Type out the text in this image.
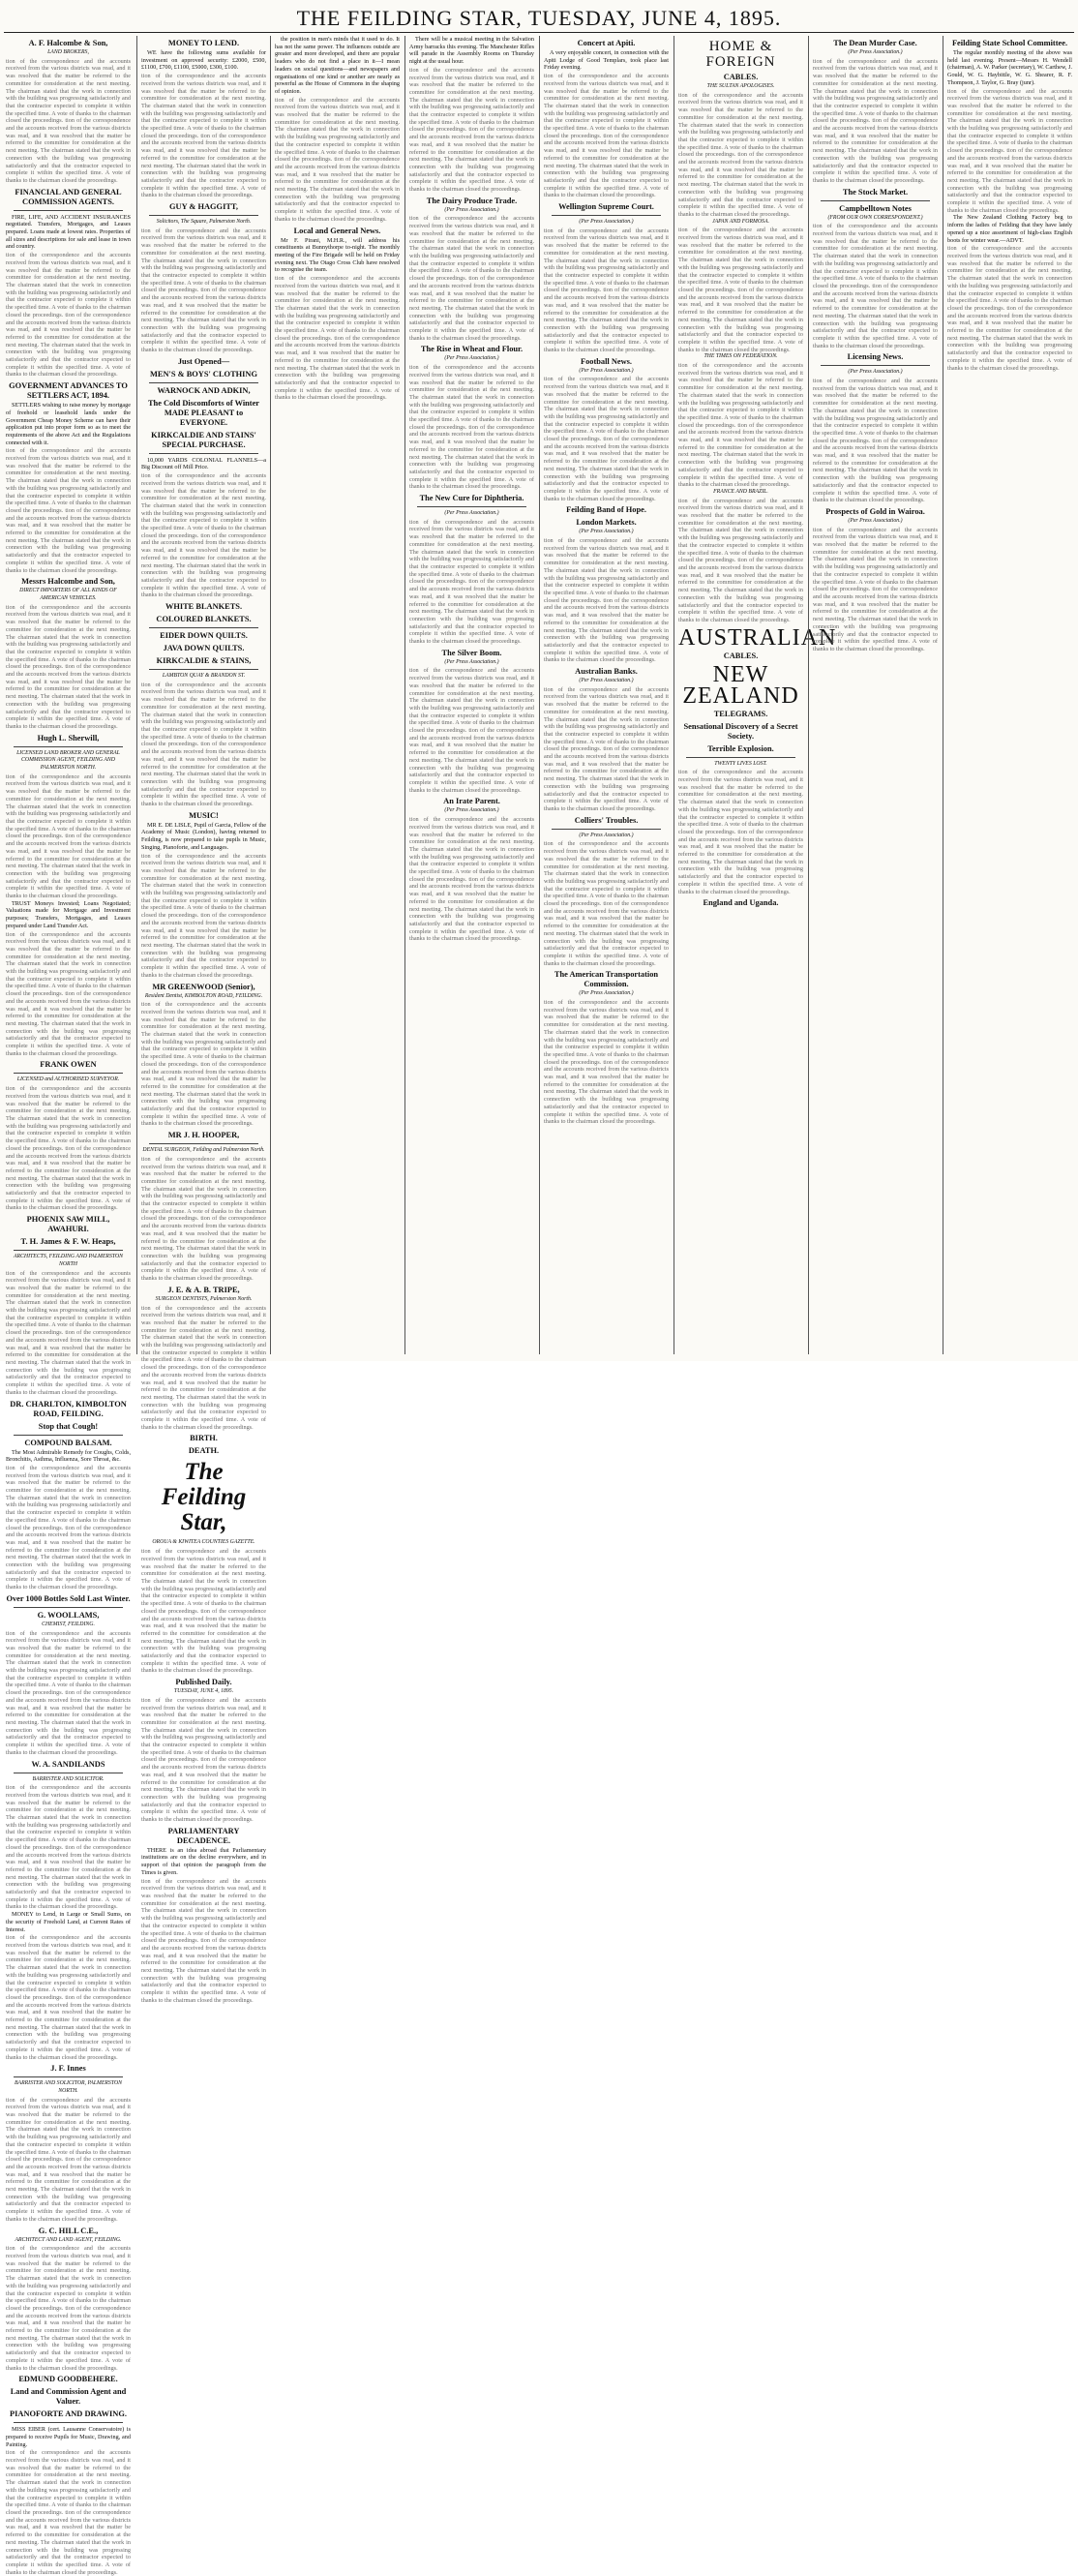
THE FEILDING STAR, TUESDAY, JUNE 4, 1895.
A. F. Halcombe & Son,
LAND BROKERS,
tion of the correspondence and the accounts received from the various districts was read, and it was resolved that the matter be referred to the committee for consideration at the next meeting. The chairman stated that the work in connection with the building was progressing satisfactorily and that the contractor expected to complete it within the specified time. A vote of thanks to the chairman closed the proceedings. tion of the correspondence and the accounts received from the various districts was read, and it was resolved that the matter be referred to the committee for consideration at the next meeting. The chairman stated that the work in connection with the building was progressing satisfactorily and that the contractor expected to complete it within the specified time. A vote of thanks to the chairman closed the proceedings.
FINANCIAL AND GENERAL COMMISSION AGENTS.
FIRE, LIFE, AND ACCIDENT INSURANCES negotiated. Transfers, Mortgages, and Leases prepared. Loans made at lowest rates. Properties of all sizes and descriptions for sale and lease in town and country.
tion of the correspondence and the accounts received from the various districts was read, and it was resolved that the matter be referred to the committee for consideration at the next meeting. The chairman stated that the work in connection with the building was progressing satisfactorily and that the contractor expected to complete it within the specified time. A vote of thanks to the chairman closed the proceedings. tion of the correspondence and the accounts received from the various districts was read, and it was resolved that the matter be referred to the committee for consideration at the next meeting. The chairman stated that the work in connection with the building was progressing satisfactorily and that the contractor expected to complete it within the specified time. A vote of thanks to the chairman closed the proceedings.
GOVERNMENT ADVANCES TO SETTLERS ACT, 1894.
SETTLERS wishing to raise money by mortgage of freehold or leasehold lands under the Government Cheap Money Scheme can have their application put into proper form so as to meet the requirements of the above Act and the Regulations connected with it.
tion of the correspondence and the accounts received from the various districts was read, and it was resolved that the matter be referred to the committee for consideration at the next meeting. The chairman stated that the work in connection with the building was progressing satisfactorily and that the contractor expected to complete it within the specified time. A vote of thanks to the chairman closed the proceedings. tion of the correspondence and the accounts received from the various districts was read, and it was resolved that the matter be referred to the committee for consideration at the next meeting. The chairman stated that the work in connection with the building was progressing satisfactorily and that the contractor expected to complete it within the specified time. A vote of thanks to the chairman closed the proceedings.
Messrs Halcombe and Son,
DIRECT IMPORTERS OF ALL KINDS OF AMERICAN VEHICLES.
tion of the correspondence and the accounts received from the various districts was read, and it was resolved that the matter be referred to the committee for consideration at the next meeting. The chairman stated that the work in connection with the building was progressing satisfactorily and that the contractor expected to complete it within the specified time. A vote of thanks to the chairman closed the proceedings. tion of the correspondence and the accounts received from the various districts was read, and it was resolved that the matter be referred to the committee for consideration at the next meeting. The chairman stated that the work in connection with the building was progressing satisfactorily and that the contractor expected to complete it within the specified time. A vote of thanks to the chairman closed the proceedings.
Hugh L. Sherwill,
LICENSED LAND BROKER AND GENERAL COMMISSION AGENT, FEILDING AND PALMERSTON NORTH.
tion of the correspondence and the accounts received from the various districts was read, and it was resolved that the matter be referred to the committee for consideration at the next meeting. The chairman stated that the work in connection with the building was progressing satisfactorily and that the contractor expected to complete it within the specified time. A vote of thanks to the chairman closed the proceedings. tion of the correspondence and the accounts received from the various districts was read, and it was resolved that the matter be referred to the committee for consideration at the next meeting. The chairman stated that the work in connection with the building was progressing satisfactorily and that the contractor expected to complete it within the specified time. A vote of thanks to the chairman closed the proceedings.
TRUST Moneys Invested; Loans Negotiated; Valuations made for Mortgage and Investment purposes; Transfers, Mortgages, and Leases prepared under Land Transfer Act.
tion of the correspondence and the accounts received from the various districts was read, and it was resolved that the matter be referred to the committee for consideration at the next meeting. The chairman stated that the work in connection with the building was progressing satisfactorily and that the contractor expected to complete it within the specified time. A vote of thanks to the chairman closed the proceedings. tion of the correspondence and the accounts received from the various districts was read, and it was resolved that the matter be referred to the committee for consideration at the next meeting. The chairman stated that the work in connection with the building was progressing satisfactorily and that the contractor expected to complete it within the specified time. A vote of thanks to the chairman closed the proceedings.
FRANK OWEN
LICENSED and AUTHORISED SURVEYOR.
tion of the correspondence and the accounts received from the various districts was read, and it was resolved that the matter be referred to the committee for consideration at the next meeting. The chairman stated that the work in connection with the building was progressing satisfactorily and that the contractor expected to complete it within the specified time. A vote of thanks to the chairman closed the proceedings. tion of the correspondence and the accounts received from the various districts was read, and it was resolved that the matter be referred to the committee for consideration at the next meeting. The chairman stated that the work in connection with the building was progressing satisfactorily and that the contractor expected to complete it within the specified time. A vote of thanks to the chairman closed the proceedings.
PHOENIX SAW MILL, AWAHURI.
T. H. James & F. W. Heaps,
ARCHITECTS, FEILDING AND PALMERSTON NORTH
tion of the correspondence and the accounts received from the various districts was read, and it was resolved that the matter be referred to the committee for consideration at the next meeting. The chairman stated that the work in connection with the building was progressing satisfactorily and that the contractor expected to complete it within the specified time. A vote of thanks to the chairman closed the proceedings. tion of the correspondence and the accounts received from the various districts was read, and it was resolved that the matter be referred to the committee for consideration at the next meeting. The chairman stated that the work in connection with the building was progressing satisfactorily and that the contractor expected to complete it within the specified time. A vote of thanks to the chairman closed the proceedings.
DR. CHARLTON, KIMBOLTON ROAD, FEILDING.
Stop that Cough!
COMPOUND BALSAM.
The Most Admirable Remedy for Coughs, Colds, Bronchitis, Asthma, Influenza, Sore Throat, &c.
tion of the correspondence and the accounts received from the various districts was read, and it was resolved that the matter be referred to the committee for consideration at the next meeting. The chairman stated that the work in connection with the building was progressing satisfactorily and that the contractor expected to complete it within the specified time. A vote of thanks to the chairman closed the proceedings. tion of the correspondence and the accounts received from the various districts was read, and it was resolved that the matter be referred to the committee for consideration at the next meeting. The chairman stated that the work in connection with the building was progressing satisfactorily and that the contractor expected to complete it within the specified time. A vote of thanks to the chairman closed the proceedings.
Over 1000 Bottles Sold Last Winter.
G. WOOLLAMS,
CHEMIST, FEILDING.
tion of the correspondence and the accounts received from the various districts was read, and it was resolved that the matter be referred to the committee for consideration at the next meeting. The chairman stated that the work in connection with the building was progressing satisfactorily and that the contractor expected to complete it within the specified time. A vote of thanks to the chairman closed the proceedings. tion of the correspondence and the accounts received from the various districts was read, and it was resolved that the matter be referred to the committee for consideration at the next meeting. The chairman stated that the work in connection with the building was progressing satisfactorily and that the contractor expected to complete it within the specified time. A vote of thanks to the chairman closed the proceedings.
W. A. SANDILANDS
BARRISTER AND SOLICITOR.
tion of the correspondence and the accounts received from the various districts was read, and it was resolved that the matter be referred to the committee for consideration at the next meeting. The chairman stated that the work in connection with the building was progressing satisfactorily and that the contractor expected to complete it within the specified time. A vote of thanks to the chairman closed the proceedings. tion of the correspondence and the accounts received from the various districts was read, and it was resolved that the matter be referred to the committee for consideration at the next meeting. The chairman stated that the work in connection with the building was progressing satisfactorily and that the contractor expected to complete it within the specified time. A vote of thanks to the chairman closed the proceedings.
MONEY to Lend, in Large or Small Sums, on the security of Freehold Land, at Current Rates of Interest.
tion of the correspondence and the accounts received from the various districts was read, and it was resolved that the matter be referred to the committee for consideration at the next meeting. The chairman stated that the work in connection with the building was progressing satisfactorily and that the contractor expected to complete it within the specified time. A vote of thanks to the chairman closed the proceedings. tion of the correspondence and the accounts received from the various districts was read, and it was resolved that the matter be referred to the committee for consideration at the next meeting. The chairman stated that the work in connection with the building was progressing satisfactorily and that the contractor expected to complete it within the specified time. A vote of thanks to the chairman closed the proceedings.
J. F. Innes
BARRISTER AND SOLICITOR, PALMERSTON NORTH.
tion of the correspondence and the accounts received from the various districts was read, and it was resolved that the matter be referred to the committee for consideration at the next meeting. The chairman stated that the work in connection with the building was progressing satisfactorily and that the contractor expected to complete it within the specified time. A vote of thanks to the chairman closed the proceedings. tion of the correspondence and the accounts received from the various districts was read, and it was resolved that the matter be referred to the committee for consideration at the next meeting. The chairman stated that the work in connection with the building was progressing satisfactorily and that the contractor expected to complete it within the specified time. A vote of thanks to the chairman closed the proceedings.
G. C. HILL C.E.,
ARCHITECT AND LAND AGENT, FEILDING.
tion of the correspondence and the accounts received from the various districts was read, and it was resolved that the matter be referred to the committee for consideration at the next meeting. The chairman stated that the work in connection with the building was progressing satisfactorily and that the contractor expected to complete it within the specified time. A vote of thanks to the chairman closed the proceedings. tion of the correspondence and the accounts received from the various districts was read, and it was resolved that the matter be referred to the committee for consideration at the next meeting. The chairman stated that the work in connection with the building was progressing satisfactorily and that the contractor expected to complete it within the specified time. A vote of thanks to the chairman closed the proceedings.
EDMUND GOODBEHERE.
Land and Commission Agent and Valuer.
PIANOFORTE AND DRAWING.
MISS EIBER (cert. Lausanne Conservatoire) is prepared to receive Pupils for Music, Drawing, and Painting.
tion of the correspondence and the accounts received from the various districts was read, and it was resolved that the matter be referred to the committee for consideration at the next meeting. The chairman stated that the work in connection with the building was progressing satisfactorily and that the contractor expected to complete it within the specified time. A vote of thanks to the chairman closed the proceedings. tion of the correspondence and the accounts received from the various districts was read, and it was resolved that the matter be referred to the committee for consideration at the next meeting. The chairman stated that the work in connection with the building was progressing satisfactorily and that the contractor expected to complete it within the specified time. A vote of thanks to the chairman closed the proceedings.
MONEY TO LEND.
WE have the following sums available for investment on approved security: £2000, £500, £1100, £700, £1100, £5000, £300, £100.
tion of the correspondence and the accounts received from the various districts was read, and it was resolved that the matter be referred to the committee for consideration at the next meeting. The chairman stated that the work in connection with the building was progressing satisfactorily and that the contractor expected to complete it within the specified time. A vote of thanks to the chairman closed the proceedings. tion of the correspondence and the accounts received from the various districts was read, and it was resolved that the matter be referred to the committee for consideration at the next meeting. The chairman stated that the work in connection with the building was progressing satisfactorily and that the contractor expected to complete it within the specified time. A vote of thanks to the chairman closed the proceedings.
GUY & HAGGITT,
Solicitors, The Square, Palmerston North.
tion of the correspondence and the accounts received from the various districts was read, and it was resolved that the matter be referred to the committee for consideration at the next meeting. The chairman stated that the work in connection with the building was progressing satisfactorily and that the contractor expected to complete it within the specified time. A vote of thanks to the chairman closed the proceedings. tion of the correspondence and the accounts received from the various districts was read, and it was resolved that the matter be referred to the committee for consideration at the next meeting. The chairman stated that the work in connection with the building was progressing satisfactorily and that the contractor expected to complete it within the specified time. A vote of thanks to the chairman closed the proceedings.
Just Opened—
MEN'S & BOYS' CLOTHING
WARNOCK AND ADKIN,
The Cold Discomforts of Winter MADE PLEASANT to EVERYONE.
KIRKCALDIE AND STAINS' SPECIAL PURCHASE.
10,000 YARDS COLONIAL FLANNELS—a Big Discount off Mill Price.
tion of the correspondence and the accounts received from the various districts was read, and it was resolved that the matter be referred to the committee for consideration at the next meeting. The chairman stated that the work in connection with the building was progressing satisfactorily and that the contractor expected to complete it within the specified time. A vote of thanks to the chairman closed the proceedings. tion of the correspondence and the accounts received from the various districts was read, and it was resolved that the matter be referred to the committee for consideration at the next meeting. The chairman stated that the work in connection with the building was progressing satisfactorily and that the contractor expected to complete it within the specified time. A vote of thanks to the chairman closed the proceedings.
WHITE BLANKETS.
COLOURED BLANKETS.
EIDER DOWN QUILTS.
JAVA DOWN QUILTS.
KIRKCALDIE & STAINS,
LAMBTON QUAY & BRANDON ST.
tion of the correspondence and the accounts received from the various districts was read, and it was resolved that the matter be referred to the committee for consideration at the next meeting. The chairman stated that the work in connection with the building was progressing satisfactorily and that the contractor expected to complete it within the specified time. A vote of thanks to the chairman closed the proceedings. tion of the correspondence and the accounts received from the various districts was read, and it was resolved that the matter be referred to the committee for consideration at the next meeting. The chairman stated that the work in connection with the building was progressing satisfactorily and that the contractor expected to complete it within the specified time. A vote of thanks to the chairman closed the proceedings.
MUSIC!
MR E. DE LISLE, Pupil of Garcia, Fellow of the Academy of Music (London), having returned to Feilding, is now prepared to take pupils in Music, Singing, Pianoforte, and Languages.
tion of the correspondence and the accounts received from the various districts was read, and it was resolved that the matter be referred to the committee for consideration at the next meeting. The chairman stated that the work in connection with the building was progressing satisfactorily and that the contractor expected to complete it within the specified time. A vote of thanks to the chairman closed the proceedings. tion of the correspondence and the accounts received from the various districts was read, and it was resolved that the matter be referred to the committee for consideration at the next meeting. The chairman stated that the work in connection with the building was progressing satisfactorily and that the contractor expected to complete it within the specified time. A vote of thanks to the chairman closed the proceedings.
MR GREENWOOD (Senior),
Resident Dentist, KIMBOLTON ROAD, FEILDING.
tion of the correspondence and the accounts received from the various districts was read, and it was resolved that the matter be referred to the committee for consideration at the next meeting. The chairman stated that the work in connection with the building was progressing satisfactorily and that the contractor expected to complete it within the specified time. A vote of thanks to the chairman closed the proceedings. tion of the correspondence and the accounts received from the various districts was read, and it was resolved that the matter be referred to the committee for consideration at the next meeting. The chairman stated that the work in connection with the building was progressing satisfactorily and that the contractor expected to complete it within the specified time. A vote of thanks to the chairman closed the proceedings.
MR J. H. HOOPER,
DENTAL SURGEON, Feilding and Palmerston North.
tion of the correspondence and the accounts received from the various districts was read, and it was resolved that the matter be referred to the committee for consideration at the next meeting. The chairman stated that the work in connection with the building was progressing satisfactorily and that the contractor expected to complete it within the specified time. A vote of thanks to the chairman closed the proceedings. tion of the correspondence and the accounts received from the various districts was read, and it was resolved that the matter be referred to the committee for consideration at the next meeting. The chairman stated that the work in connection with the building was progressing satisfactorily and that the contractor expected to complete it within the specified time. A vote of thanks to the chairman closed the proceedings.
J. E. & A. B. TRIPE,
SURGEON DENTISTS, Palmerston North.
tion of the correspondence and the accounts received from the various districts was read, and it was resolved that the matter be referred to the committee for consideration at the next meeting. The chairman stated that the work in connection with the building was progressing satisfactorily and that the contractor expected to complete it within the specified time. A vote of thanks to the chairman closed the proceedings. tion of the correspondence and the accounts received from the various districts was read, and it was resolved that the matter be referred to the committee for consideration at the next meeting. The chairman stated that the work in connection with the building was progressing satisfactorily and that the contractor expected to complete it within the specified time. A vote of thanks to the chairman closed the proceedings.
BIRTH.
DEATH.
The Feilding Star,
OROUA & KIWITEA COUNTIES GAZETTE.
tion of the correspondence and the accounts received from the various districts was read, and it was resolved that the matter be referred to the committee for consideration at the next meeting. The chairman stated that the work in connection with the building was progressing satisfactorily and that the contractor expected to complete it within the specified time. A vote of thanks to the chairman closed the proceedings. tion of the correspondence and the accounts received from the various districts was read, and it was resolved that the matter be referred to the committee for consideration at the next meeting. The chairman stated that the work in connection with the building was progressing satisfactorily and that the contractor expected to complete it within the specified time. A vote of thanks to the chairman closed the proceedings.
Published Daily.
TUESDAY, JUNE 4, 1895.
tion of the correspondence and the accounts received from the various districts was read, and it was resolved that the matter be referred to the committee for consideration at the next meeting. The chairman stated that the work in connection with the building was progressing satisfactorily and that the contractor expected to complete it within the specified time. A vote of thanks to the chairman closed the proceedings. tion of the correspondence and the accounts received from the various districts was read, and it was resolved that the matter be referred to the committee for consideration at the next meeting. The chairman stated that the work in connection with the building was progressing satisfactorily and that the contractor expected to complete it within the specified time. A vote of thanks to the chairman closed the proceedings.
PARLIAMENTARY DECADENCE.
THERE is an idea abroad that Parliamentary institutions are on the decline everywhere, and in support of that opinion the paragraph from the Times is given.
tion of the correspondence and the accounts received from the various districts was read, and it was resolved that the matter be referred to the committee for consideration at the next meeting. The chairman stated that the work in connection with the building was progressing satisfactorily and that the contractor expected to complete it within the specified time. A vote of thanks to the chairman closed the proceedings. tion of the correspondence and the accounts received from the various districts was read, and it was resolved that the matter be referred to the committee for consideration at the next meeting. The chairman stated that the work in connection with the building was progressing satisfactorily and that the contractor expected to complete it within the specified time. A vote of thanks to the chairman closed the proceedings.
the position in men's minds that it used to do. It has not the same power. The influences outside are greater and more developed, and there are popular leaders who do not find a place in it—I mean leaders on social questions—and newspapers and organisations of one kind or another are nearly as powerful as the House of Commons in the shaping of opinion.
tion of the correspondence and the accounts received from the various districts was read, and it was resolved that the matter be referred to the committee for consideration at the next meeting. The chairman stated that the work in connection with the building was progressing satisfactorily and that the contractor expected to complete it within the specified time. A vote of thanks to the chairman closed the proceedings. tion of the correspondence and the accounts received from the various districts was read, and it was resolved that the matter be referred to the committee for consideration at the next meeting. The chairman stated that the work in connection with the building was progressing satisfactorily and that the contractor expected to complete it within the specified time. A vote of thanks to the chairman closed the proceedings.
Local and General News.
Mr F. Pirani, M.H.R., will address his constituents at Bunnythorpe to-night. The monthly meeting of the Fire Brigade will be held on Friday evening next. The Otago Cross Club have resolved to recognise the team.
tion of the correspondence and the accounts received from the various districts was read, and it was resolved that the matter be referred to the committee for consideration at the next meeting. The chairman stated that the work in connection with the building was progressing satisfactorily and that the contractor expected to complete it within the specified time. A vote of thanks to the chairman closed the proceedings. tion of the correspondence and the accounts received from the various districts was read, and it was resolved that the matter be referred to the committee for consideration at the next meeting. The chairman stated that the work in connection with the building was progressing satisfactorily and that the contractor expected to complete it within the specified time. A vote of thanks to the chairman closed the proceedings.
There will be a musical meeting in the Salvation Army barracks this evening. The Manchester Rifles will parade in the Assembly Rooms on Thursday night at the usual hour.
tion of the correspondence and the accounts received from the various districts was read, and it was resolved that the matter be referred to the committee for consideration at the next meeting. The chairman stated that the work in connection with the building was progressing satisfactorily and that the contractor expected to complete it within the specified time. A vote of thanks to the chairman closed the proceedings. tion of the correspondence and the accounts received from the various districts was read, and it was resolved that the matter be referred to the committee for consideration at the next meeting. The chairman stated that the work in connection with the building was progressing satisfactorily and that the contractor expected to complete it within the specified time. A vote of thanks to the chairman closed the proceedings.
The Dairy Produce Trade.
(Per Press Association.)
tion of the correspondence and the accounts received from the various districts was read, and it was resolved that the matter be referred to the committee for consideration at the next meeting. The chairman stated that the work in connection with the building was progressing satisfactorily and that the contractor expected to complete it within the specified time. A vote of thanks to the chairman closed the proceedings. tion of the correspondence and the accounts received from the various districts was read, and it was resolved that the matter be referred to the committee for consideration at the next meeting. The chairman stated that the work in connection with the building was progressing satisfactorily and that the contractor expected to complete it within the specified time. A vote of thanks to the chairman closed the proceedings.
The Rise in Wheat and Flour.
(Per Press Association.)
tion of the correspondence and the accounts received from the various districts was read, and it was resolved that the matter be referred to the committee for consideration at the next meeting. The chairman stated that the work in connection with the building was progressing satisfactorily and that the contractor expected to complete it within the specified time. A vote of thanks to the chairman closed the proceedings. tion of the correspondence and the accounts received from the various districts was read, and it was resolved that the matter be referred to the committee for consideration at the next meeting. The chairman stated that the work in connection with the building was progressing satisfactorily and that the contractor expected to complete it within the specified time. A vote of thanks to the chairman closed the proceedings.
The New Cure for Diphtheria.
(Per Press Association.)
tion of the correspondence and the accounts received from the various districts was read, and it was resolved that the matter be referred to the committee for consideration at the next meeting. The chairman stated that the work in connection with the building was progressing satisfactorily and that the contractor expected to complete it within the specified time. A vote of thanks to the chairman closed the proceedings. tion of the correspondence and the accounts received from the various districts was read, and it was resolved that the matter be referred to the committee for consideration at the next meeting. The chairman stated that the work in connection with the building was progressing satisfactorily and that the contractor expected to complete it within the specified time. A vote of thanks to the chairman closed the proceedings.
The Silver Boom.
(Per Press Association.)
tion of the correspondence and the accounts received from the various districts was read, and it was resolved that the matter be referred to the committee for consideration at the next meeting. The chairman stated that the work in connection with the building was progressing satisfactorily and that the contractor expected to complete it within the specified time. A vote of thanks to the chairman closed the proceedings. tion of the correspondence and the accounts received from the various districts was read, and it was resolved that the matter be referred to the committee for consideration at the next meeting. The chairman stated that the work in connection with the building was progressing satisfactorily and that the contractor expected to complete it within the specified time. A vote of thanks to the chairman closed the proceedings.
An Irate Parent.
(Per Press Association.)
tion of the correspondence and the accounts received from the various districts was read, and it was resolved that the matter be referred to the committee for consideration at the next meeting. The chairman stated that the work in connection with the building was progressing satisfactorily and that the contractor expected to complete it within the specified time. A vote of thanks to the chairman closed the proceedings. tion of the correspondence and the accounts received from the various districts was read, and it was resolved that the matter be referred to the committee for consideration at the next meeting. The chairman stated that the work in connection with the building was progressing satisfactorily and that the contractor expected to complete it within the specified time. A vote of thanks to the chairman closed the proceedings.
Concert at Apiti.
A very enjoyable concert, in connection with the Apiti Lodge of Good Templars, took place last Friday evening.
tion of the correspondence and the accounts received from the various districts was read, and it was resolved that the matter be referred to the committee for consideration at the next meeting. The chairman stated that the work in connection with the building was progressing satisfactorily and that the contractor expected to complete it within the specified time. A vote of thanks to the chairman closed the proceedings. tion of the correspondence and the accounts received from the various districts was read, and it was resolved that the matter be referred to the committee for consideration at the next meeting. The chairman stated that the work in connection with the building was progressing satisfactorily and that the contractor expected to complete it within the specified time. A vote of thanks to the chairman closed the proceedings.
Wellington Supreme Court.
(Per Press Association.)
tion of the correspondence and the accounts received from the various districts was read, and it was resolved that the matter be referred to the committee for consideration at the next meeting. The chairman stated that the work in connection with the building was progressing satisfactorily and that the contractor expected to complete it within the specified time. A vote of thanks to the chairman closed the proceedings. tion of the correspondence and the accounts received from the various districts was read, and it was resolved that the matter be referred to the committee for consideration at the next meeting. The chairman stated that the work in connection with the building was progressing satisfactorily and that the contractor expected to complete it within the specified time. A vote of thanks to the chairman closed the proceedings.
Football News.
(Per Press Association.)
tion of the correspondence and the accounts received from the various districts was read, and it was resolved that the matter be referred to the committee for consideration at the next meeting. The chairman stated that the work in connection with the building was progressing satisfactorily and that the contractor expected to complete it within the specified time. A vote of thanks to the chairman closed the proceedings. tion of the correspondence and the accounts received from the various districts was read, and it was resolved that the matter be referred to the committee for consideration at the next meeting. The chairman stated that the work in connection with the building was progressing satisfactorily and that the contractor expected to complete it within the specified time. A vote of thanks to the chairman closed the proceedings.
Feilding Band of Hope.
London Markets.
(Per Press Association.)
tion of the correspondence and the accounts received from the various districts was read, and it was resolved that the matter be referred to the committee for consideration at the next meeting. The chairman stated that the work in connection with the building was progressing satisfactorily and that the contractor expected to complete it within the specified time. A vote of thanks to the chairman closed the proceedings. tion of the correspondence and the accounts received from the various districts was read, and it was resolved that the matter be referred to the committee for consideration at the next meeting. The chairman stated that the work in connection with the building was progressing satisfactorily and that the contractor expected to complete it within the specified time. A vote of thanks to the chairman closed the proceedings.
Australian Banks.
(Per Press Association.)
tion of the correspondence and the accounts received from the various districts was read, and it was resolved that the matter be referred to the committee for consideration at the next meeting. The chairman stated that the work in connection with the building was progressing satisfactorily and that the contractor expected to complete it within the specified time. A vote of thanks to the chairman closed the proceedings. tion of the correspondence and the accounts received from the various districts was read, and it was resolved that the matter be referred to the committee for consideration at the next meeting. The chairman stated that the work in connection with the building was progressing satisfactorily and that the contractor expected to complete it within the specified time. A vote of thanks to the chairman closed the proceedings.
Colliers' Troubles.
(Per Press Association.)
tion of the correspondence and the accounts received from the various districts was read, and it was resolved that the matter be referred to the committee for consideration at the next meeting. The chairman stated that the work in connection with the building was progressing satisfactorily and that the contractor expected to complete it within the specified time. A vote of thanks to the chairman closed the proceedings. tion of the correspondence and the accounts received from the various districts was read, and it was resolved that the matter be referred to the committee for consideration at the next meeting. The chairman stated that the work in connection with the building was progressing satisfactorily and that the contractor expected to complete it within the specified time. A vote of thanks to the chairman closed the proceedings.
The American Transportation Commission.
(Per Press Association.)
tion of the correspondence and the accounts received from the various districts was read, and it was resolved that the matter be referred to the committee for consideration at the next meeting. The chairman stated that the work in connection with the building was progressing satisfactorily and that the contractor expected to complete it within the specified time. A vote of thanks to the chairman closed the proceedings. tion of the correspondence and the accounts received from the various districts was read, and it was resolved that the matter be referred to the committee for consideration at the next meeting. The chairman stated that the work in connection with the building was progressing satisfactorily and that the contractor expected to complete it within the specified time. A vote of thanks to the chairman closed the proceedings.
HOME & FOREIGN
CABLES.
THE SULTAN APOLOGISES.
tion of the correspondence and the accounts received from the various districts was read, and it was resolved that the matter be referred to the committee for consideration at the next meeting. The chairman stated that the work in connection with the building was progressing satisfactorily and that the contractor expected to complete it within the specified time. A vote of thanks to the chairman closed the proceedings. tion of the correspondence and the accounts received from the various districts was read, and it was resolved that the matter be referred to the committee for consideration at the next meeting. The chairman stated that the work in connection with the building was progressing satisfactorily and that the contractor expected to complete it within the specified time. A vote of thanks to the chairman closed the proceedings.
JAPAN AND FORMOSA.
tion of the correspondence and the accounts received from the various districts was read, and it was resolved that the matter be referred to the committee for consideration at the next meeting. The chairman stated that the work in connection with the building was progressing satisfactorily and that the contractor expected to complete it within the specified time. A vote of thanks to the chairman closed the proceedings. tion of the correspondence and the accounts received from the various districts was read, and it was resolved that the matter be referred to the committee for consideration at the next meeting. The chairman stated that the work in connection with the building was progressing satisfactorily and that the contractor expected to complete it within the specified time. A vote of thanks to the chairman closed the proceedings.
THE TIMES ON FEDERATION.
tion of the correspondence and the accounts received from the various districts was read, and it was resolved that the matter be referred to the committee for consideration at the next meeting. The chairman stated that the work in connection with the building was progressing satisfactorily and that the contractor expected to complete it within the specified time. A vote of thanks to the chairman closed the proceedings. tion of the correspondence and the accounts received from the various districts was read, and it was resolved that the matter be referred to the committee for consideration at the next meeting. The chairman stated that the work in connection with the building was progressing satisfactorily and that the contractor expected to complete it within the specified time. A vote of thanks to the chairman closed the proceedings.
FRANCE AND BRAZIL.
tion of the correspondence and the accounts received from the various districts was read, and it was resolved that the matter be referred to the committee for consideration at the next meeting. The chairman stated that the work in connection with the building was progressing satisfactorily and that the contractor expected to complete it within the specified time. A vote of thanks to the chairman closed the proceedings. tion of the correspondence and the accounts received from the various districts was read, and it was resolved that the matter be referred to the committee for consideration at the next meeting. The chairman stated that the work in connection with the building was progressing satisfactorily and that the contractor expected to complete it within the specified time. A vote of thanks to the chairman closed the proceedings.
AUSTRALIAN
CABLES.
NEW ZEALAND
TELEGRAMS.
Sensational Discovery of a Secret Society.
Terrible Explosion.
TWENTY LIVES LOST.
tion of the correspondence and the accounts received from the various districts was read, and it was resolved that the matter be referred to the committee for consideration at the next meeting. The chairman stated that the work in connection with the building was progressing satisfactorily and that the contractor expected to complete it within the specified time. A vote of thanks to the chairman closed the proceedings. tion of the correspondence and the accounts received from the various districts was read, and it was resolved that the matter be referred to the committee for consideration at the next meeting. The chairman stated that the work in connection with the building was progressing satisfactorily and that the contractor expected to complete it within the specified time. A vote of thanks to the chairman closed the proceedings.
England and Uganda.
The Dean Murder Case.
(Per Press Association.)
tion of the correspondence and the accounts received from the various districts was read, and it was resolved that the matter be referred to the committee for consideration at the next meeting. The chairman stated that the work in connection with the building was progressing satisfactorily and that the contractor expected to complete it within the specified time. A vote of thanks to the chairman closed the proceedings. tion of the correspondence and the accounts received from the various districts was read, and it was resolved that the matter be referred to the committee for consideration at the next meeting. The chairman stated that the work in connection with the building was progressing satisfactorily and that the contractor expected to complete it within the specified time. A vote of thanks to the chairman closed the proceedings.
The Stock Market.
Campbelltown Notes
(FROM OUR OWN CORRESPONDENT.)
tion of the correspondence and the accounts received from the various districts was read, and it was resolved that the matter be referred to the committee for consideration at the next meeting. The chairman stated that the work in connection with the building was progressing satisfactorily and that the contractor expected to complete it within the specified time. A vote of thanks to the chairman closed the proceedings. tion of the correspondence and the accounts received from the various districts was read, and it was resolved that the matter be referred to the committee for consideration at the next meeting. The chairman stated that the work in connection with the building was progressing satisfactorily and that the contractor expected to complete it within the specified time. A vote of thanks to the chairman closed the proceedings.
Licensing News.
(Per Press Association.)
tion of the correspondence and the accounts received from the various districts was read, and it was resolved that the matter be referred to the committee for consideration at the next meeting. The chairman stated that the work in connection with the building was progressing satisfactorily and that the contractor expected to complete it within the specified time. A vote of thanks to the chairman closed the proceedings. tion of the correspondence and the accounts received from the various districts was read, and it was resolved that the matter be referred to the committee for consideration at the next meeting. The chairman stated that the work in connection with the building was progressing satisfactorily and that the contractor expected to complete it within the specified time. A vote of thanks to the chairman closed the proceedings.
Prospects of Gold in Wairoa.
(Per Press Association.)
tion of the correspondence and the accounts received from the various districts was read, and it was resolved that the matter be referred to the committee for consideration at the next meeting. The chairman stated that the work in connection with the building was progressing satisfactorily and that the contractor expected to complete it within the specified time. A vote of thanks to the chairman closed the proceedings. tion of the correspondence and the accounts received from the various districts was read, and it was resolved that the matter be referred to the committee for consideration at the next meeting. The chairman stated that the work in connection with the building was progressing satisfactorily and that the contractor expected to complete it within the specified time. A vote of thanks to the chairman closed the proceedings.
Feilding State School Committee.
The regular monthly meeting of the above was held last evening. Present—Messrs H. Wendell (chairman), A. W. Parker (secretary), W. Carthew, J. Gould, W. G. Haybittle, W. G. Shearer, R. F. Thompson, J. Taylor, G. Bray (junr).
tion of the correspondence and the accounts received from the various districts was read, and it was resolved that the matter be referred to the committee for consideration at the next meeting. The chairman stated that the work in connection with the building was progressing satisfactorily and that the contractor expected to complete it within the specified time. A vote of thanks to the chairman closed the proceedings. tion of the correspondence and the accounts received from the various districts was read, and it was resolved that the matter be referred to the committee for consideration at the next meeting. The chairman stated that the work in connection with the building was progressing satisfactorily and that the contractor expected to complete it within the specified time. A vote of thanks to the chairman closed the proceedings.
The New Zealand Clothing Factory beg to inform the ladies of Feilding that they have lately opened up a nice assortment of high-class English boots for winter wear.—ADVT.
tion of the correspondence and the accounts received from the various districts was read, and it was resolved that the matter be referred to the committee for consideration at the next meeting. The chairman stated that the work in connection with the building was progressing satisfactorily and that the contractor expected to complete it within the specified time. A vote of thanks to the chairman closed the proceedings. tion of the correspondence and the accounts received from the various districts was read, and it was resolved that the matter be referred to the committee for consideration at the next meeting. The chairman stated that the work in connection with the building was progressing satisfactorily and that the contractor expected to complete it within the specified time. A vote of thanks to the chairman closed the proceedings.
